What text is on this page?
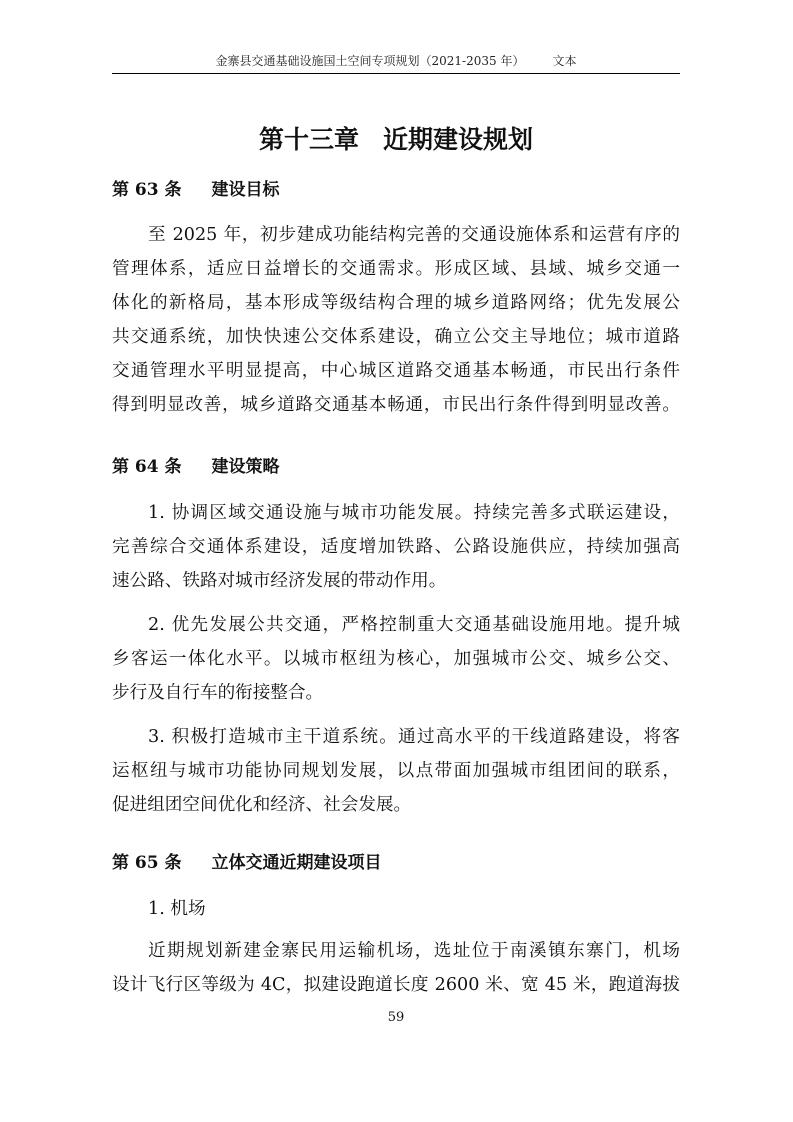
金寨县交通基础设施国土空间专项规划（2021-2035 年） 文本
第十三章 近期建设规划
第 63 条 建设目标
至 2025 年，初步建成功能结构完善的交通设施体系和运营有序的
管理体系，适应日益增长的交通需求。形成区域、县域、城乡交通一
体化的新格局，基本形成等级结构合理的城乡道路网络；优先发展公
共交通系统，加快快速公交体系建设，确立公交主导地位；城市道路
交通管理水平明显提高，中心城区道路交通基本畅通，市民出行条件
得到明显改善，城乡道路交通基本畅通，市民出行条件得到明显改善。
第 64 条 建设策略
1. 协调区域交通设施与城市功能发展。持续完善多式联运建设，
完善综合交通体系建设，适度增加铁路、公路设施供应，持续加强高
速公路、铁路对城市经济发展的带动作用。
2. 优先发展公共交通，严格控制重大交通基础设施用地。提升城
乡客运一体化水平。以城市枢纽为核心，加强城市公交、城乡公交、
步行及自行车的衔接整合。
3. 积极打造城市主干道系统。通过高水平的干线道路建设，将客
运枢纽与城市功能协同规划发展，以点带面加强城市组团间的联系，
促进组团空间优化和经济、社会发展。
第 65 条 立体交通近期建设项目
1. 机场
近期规划新建金寨民用运输机场，选址位于南溪镇东寨门，机场
设计飞行区等级为 4C，拟建设跑道长度 2600 米、宽 45 米，跑道海拔
59
